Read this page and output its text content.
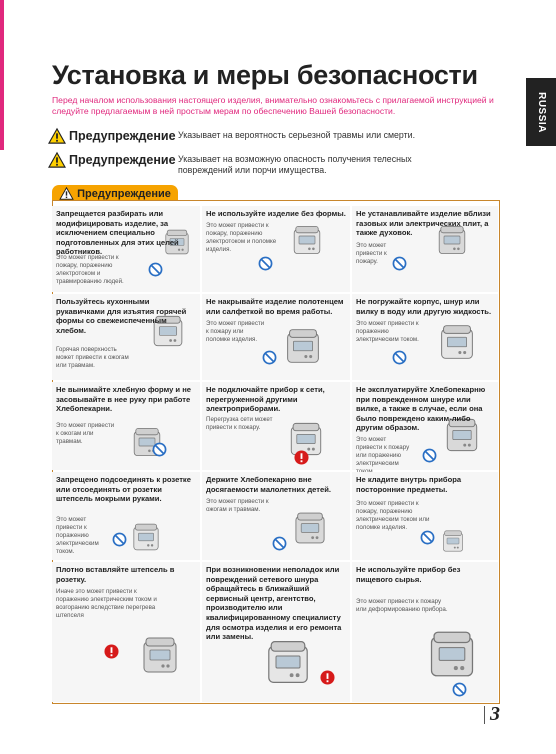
RUSSIA
Установка и меры безопасности
Перед началом использования настоящего изделия, внимательно ознакомьтесь с прилагаемой инструкцией и следуйте предлагаемым в ней простым мерам по обеспечению Вашей безопасности.
Предупреждение Указывает на вероятность серьезной травмы или смерти.
Предупреждение Указывает на возможную опасность получения телесных повреждений или порчи имущества.
Предупреждение
Запрещается разбирать или модифицировать изделие, за исключением специально подготовленных для этих целей работников.
Это может привести к пожару, поражению электротоком и травмированию людей.
Не используйте изделие без формы.
Это может привести к пожару, поражению электротоком и поломке изделия.
Не устанавливайте изделие вблизи газовых или электрических плит, а также духовок.
Это может привести к пожару.
Пользуйтесь кухонными рукавичками для изъятия горячей формы со свежеиспеченным хлебом.
Горячая поверхность может привести к ожогам или травмам.
Не накрывайте изделие полотенцем или салфеткой во время работы.
Это может привести к пожару или поломке изделия.
Не погружайте корпус, шнур или вилку в воду или другую жидкость.
Это может привести к поражению электрическим током.
Не вынимайте хлебную форму и не засовывайте в нее руку при работе Хлебопекарни.
Это может привести к ожогам или травмам.
Не подключайте прибор к сети, перегруженной другими электроприборами.
Перегрузка сети может привести к пожару.
Не эксплуатируйте Хлебопекарню при поврежденном шнуре или вилке, а также в случае, если она было повреждено каким-либо другим образом.
Это может привести к пожару или поражению электрическим
Запрещено подсоединять к розетке или отсоединять от розетки штепсель мокрыми руками.
Это может привести к поражению электрическим током.
Держите Хлебопекарню вне досягаемости малолетних детей.
Это может привести к ожогам и травмам.
Не кладите внутрь прибора посторонние предметы.
Это может привести к пожару, поражению электрическим током или поломке изделия.
Плотно вставляйте штепсель в розетку.
Иначе это может привести к поражению электрическим током и возгоранию вследствие перегрева штепселя
При возникновении неполадок или повреждений сетевого шнура обращайтесь в ближайший сервисный центр, агентство, производителю или квалифицированному специалисту для осмотра изделия и его ремонта или замены.
Не используйте прибор без пищевого сырья.
Это может привести к пожару или деформированию прибора.
3
